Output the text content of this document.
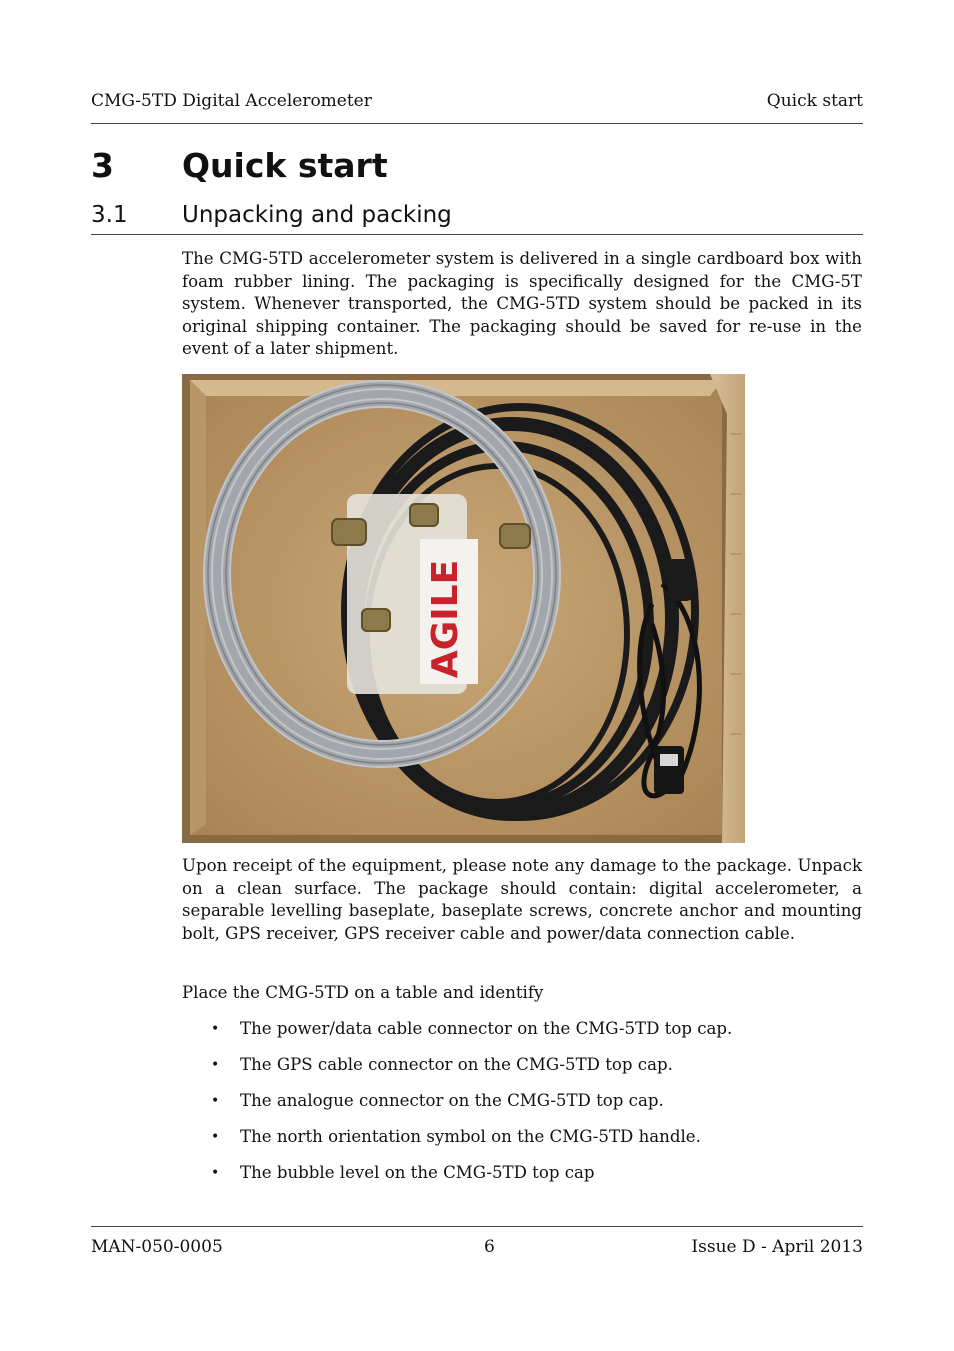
CMG-5TD Digital Accelerometer	Quick start
3 Quick start
3.1 Unpacking and packing

The CMG-5TD accelerometer system is delivered in a single cardboard box with foam rubber lining. The packaging is specifically designed for the CMG-5T system. Whenever transported, the CMG-5TD system should be packed in its original shipping container. The packaging should be saved for re-use in the event of a later shipment.

AGILE

Upon receipt of the equipment, please note any damage to the package. Unpack on a clean surface. The package should contain: digital accelerometer, a separable levelling baseplate, baseplate screws, concrete anchor and mounting bolt, GPS receiver, GPS receiver cable and power/data connection cable.

Place the CMG-5TD on a table and identify

• The power/data cable connector on the CMG-5TD top cap.
• The GPS cable connector on the CMG-5TD top cap.
• The analogue connector on the CMG-5TD top cap.
• The north orientation symbol on the CMG-5TD handle.
• The bubble level on the CMG-5TD top cap
MAN-050-0005	6	Issue D - April 2013
